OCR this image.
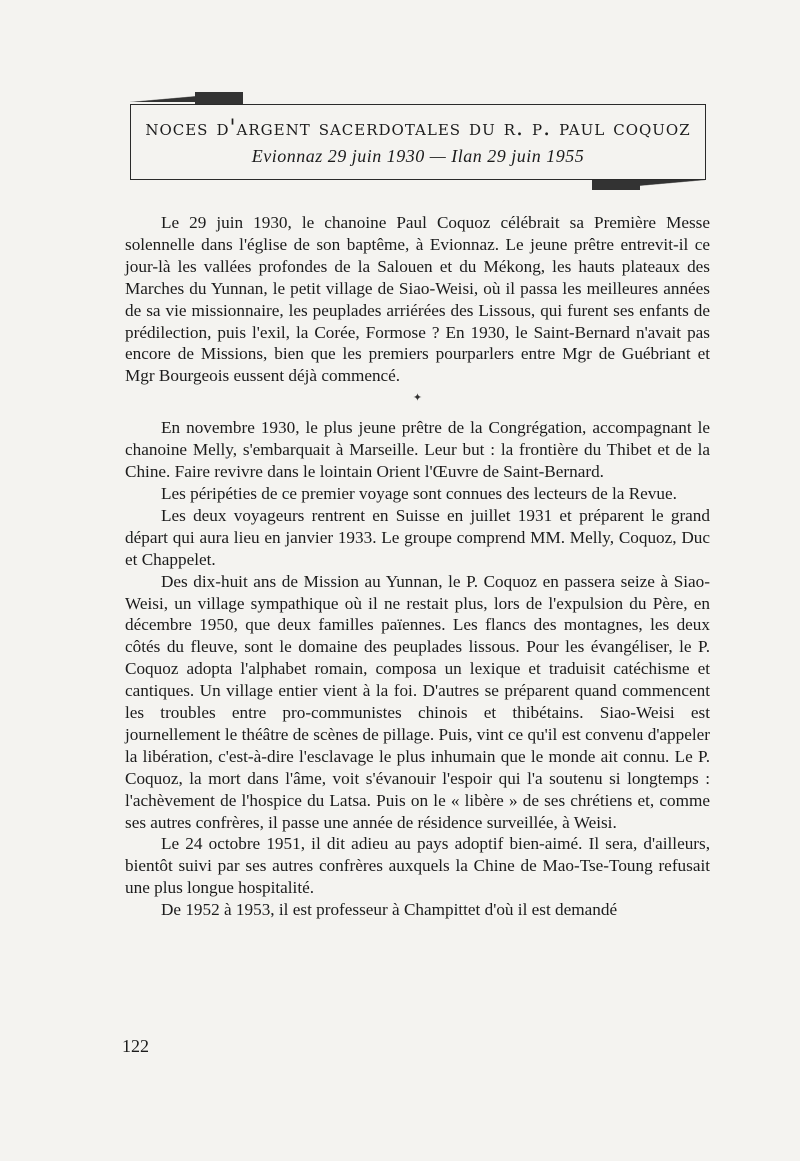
noces d'argent sacerdotales du r. p. paul coquoz
Evionnaz 29 juin 1930 — Ilan 29 juin 1955

Le 29 juin 1930, le chanoine Paul Coquoz célébrait sa Première Messe solennelle dans l'église de son baptême, à Evionnaz. Le jeune prêtre entrevit-il ce jour-là les vallées profondes de la Salouen et du Mékong, les hauts plateaux des Marches du Yunnan, le petit village de Siao-Weisi, où il passa les meilleures années de sa vie missionnaire, les peuplades arriérées des Lissous, qui furent ses enfants de prédilection, puis l'exil, la Corée, Formose ? En 1930, le Saint-Bernard n'avait pas encore de Missions, bien que les premiers pourparlers entre Mgr de Guébriant et Mgr Bourgeois eussent déjà commencé.

✦

En novembre 1930, le plus jeune prêtre de la Congrégation, accompagnant le chanoine Melly, s'embarquait à Marseille. Leur but : la frontière du Thibet et de la Chine. Faire revivre dans le lointain Orient l'Œuvre de Saint-Bernard.

Les péripéties de ce premier voyage sont connues des lecteurs de la Revue.

Les deux voyageurs rentrent en Suisse en juillet 1931 et préparent le grand départ qui aura lieu en janvier 1933. Le groupe comprend MM. Melly, Coquoz, Duc et Chappelet.

Des dix-huit ans de Mission au Yunnan, le P. Coquoz en passera seize à Siao-Weisi, un village sympathique où il ne restait plus, lors de l'expulsion du Père, en décembre 1950, que deux familles païennes. Les flancs des montagnes, les deux côtés du fleuve, sont le domaine des peuplades lissous. Pour les évangéliser, le P. Coquoz adopta l'alphabet romain, composa un lexique et traduisit catéchisme et cantiques. Un village entier vient à la foi. D'autres se préparent quand commencent les troubles entre pro-communistes chinois et thibétains. Siao-Weisi est journellement le théâtre de scènes de pillage. Puis, vint ce qu'il est convenu d'appeler la libération, c'est-à-dire l'esclavage le plus inhumain que le monde ait connu. Le P. Coquoz, la mort dans l'âme, voit s'évanouir l'espoir qui l'a soutenu si longtemps : l'achèvement de l'hospice du Latsa. Puis on le « libère » de ses chrétiens et, comme ses autres confrères, il passe une année de résidence surveillée, à Weisi.

Le 24 octobre 1951, il dit adieu au pays adoptif bien-aimé. Il sera, d'ailleurs, bientôt suivi par ses autres confrères auxquels la Chine de Mao-Tse-Toung refusait une plus longue hospitalité.

De 1952 à 1953, il est professeur à Champittet d'où il est demandé

122
